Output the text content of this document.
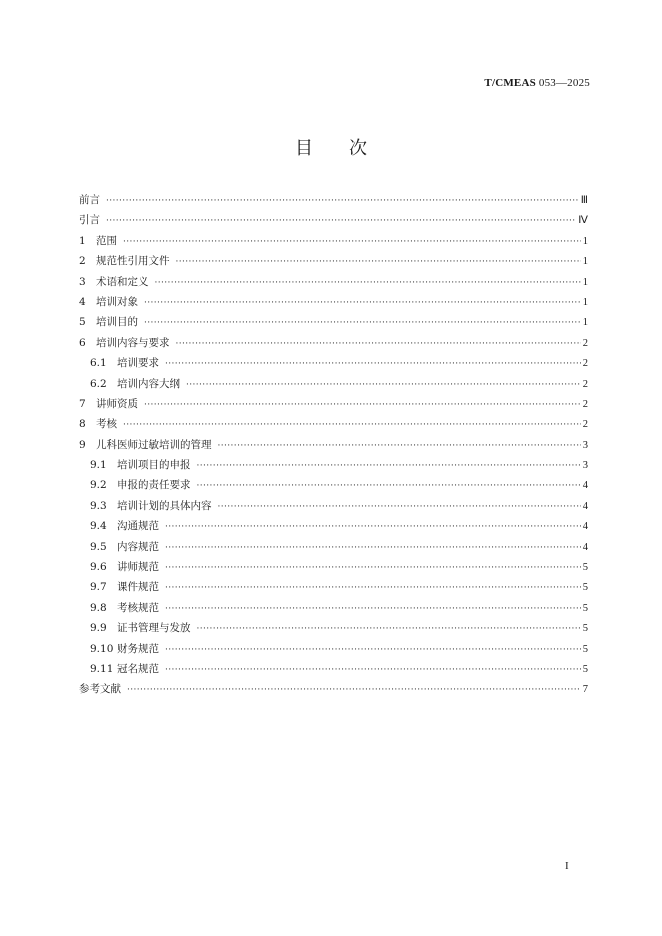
T/CMEAS 053—2025
目次
前言 ·····	Ⅲ
引言 ·····	Ⅳ
1 范围 ·····	1
2 规范性引用文件 ·····	1
3 术语和定义 ·····	1
4 培训对象 ·····	1
5 培训目的 ·····	1
6 培训内容与要求 ·····	2
6.1 培训要求 ·····	2
6.2 培训内容大纲 ·····	2
7 讲师资质 ·····	2
8 考核 ·····	2
9 儿科医师过敏培训的管理 ·····	3
9.1 培训项目的申报 ·····	3
9.2 申报的责任要求 ·····	4
9.3 培训计划的具体内容 ·····	4
9.4 沟通规范 ·····	4
9.5 内容规范 ·····	4
9.6 讲师规范 ·····	5
9.7 课件规范 ·····	5
9.8 考核规范 ·····	5
9.9 证书管理与发放 ·····	5
9.10 财务规范 ·····	5
9.11 冠名规范 ·····	5
参考文献 ·····	7
I
